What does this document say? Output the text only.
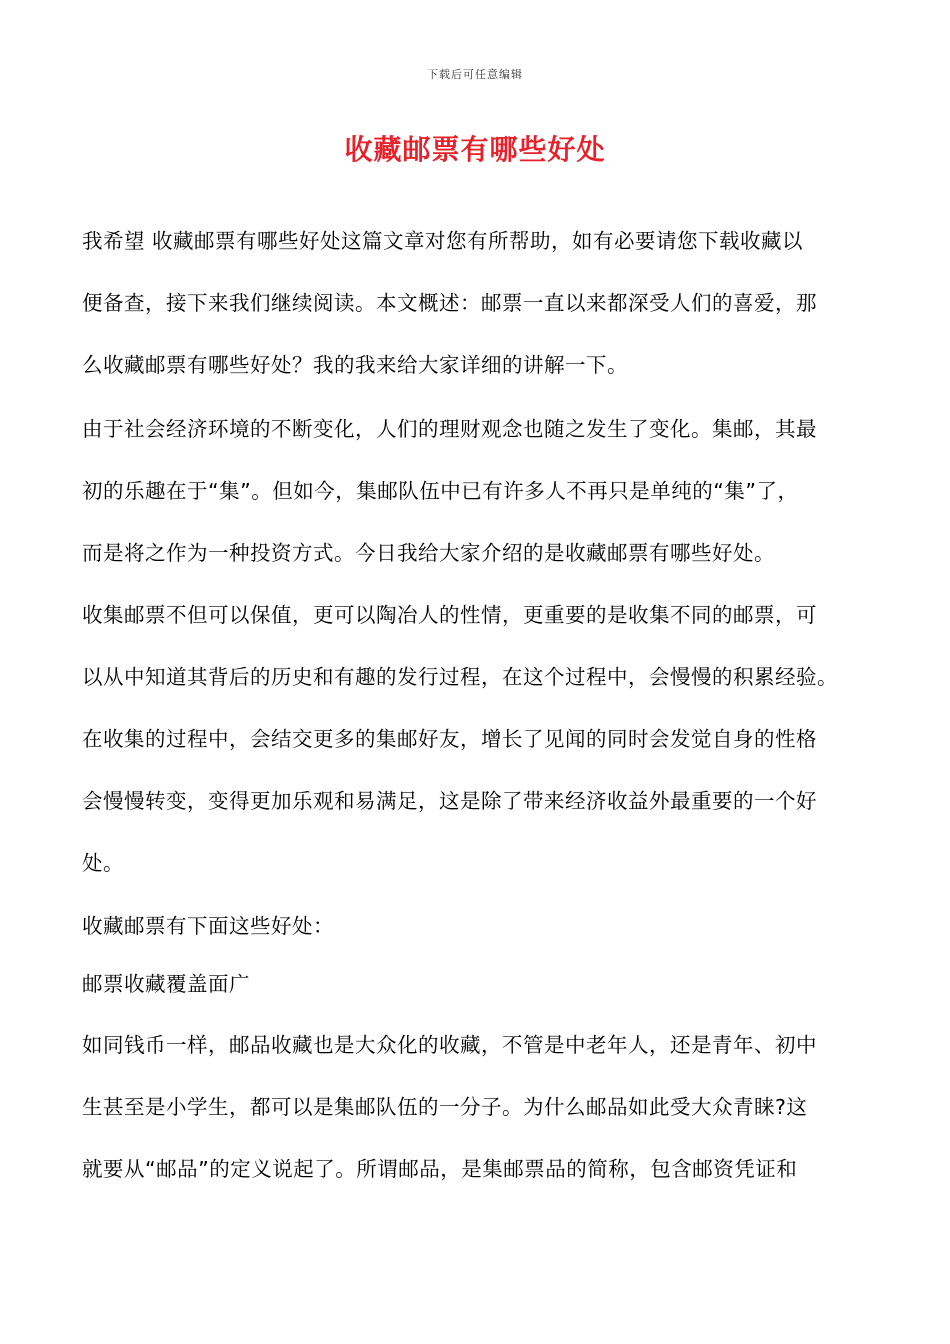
下载后可任意编辑
收藏邮票有哪些好处

我希望 收藏邮票有哪些好处这篇文章对您有所帮助，如有必要请您下载收藏以
便备查，接下来我们继续阅读。本文概述：邮票一直以来都深受人们的喜爱，那
么收藏邮票有哪些好处？我的我来给大家详细的讲解一下。

由于社会经济环境的不断变化，人们的理财观念也随之发生了变化。集邮，其最
初的乐趣在于“集”。但如今，集邮队伍中已有许多人不再只是单纯的“集”了，
而是将之作为一种投资方式。今日我给大家介绍的是收藏邮票有哪些好处。

收集邮票不但可以保值，更可以陶冶人的性情，更重要的是收集不同的邮票，可
以从中知道其背后的历史和有趣的发行过程，在这个过程中，会慢慢的积累经验。
在收集的过程中，会结交更多的集邮好友，增长了见闻的同时会发觉自身的性格
会慢慢转变，变得更加乐观和易满足，这是除了带来经济收益外最重要的一个好
处。

收藏邮票有下面这些好处：

邮票收藏覆盖面广

如同钱币一样，邮品收藏也是大众化的收藏，不管是中老年人，还是青年、初中
生甚至是小学生，都可以是集邮队伍的一分子。为什么邮品如此受大众青睐?这
就要从“邮品”的定义说起了。所谓邮品，是集邮票品的简称，包含邮资凭证和
